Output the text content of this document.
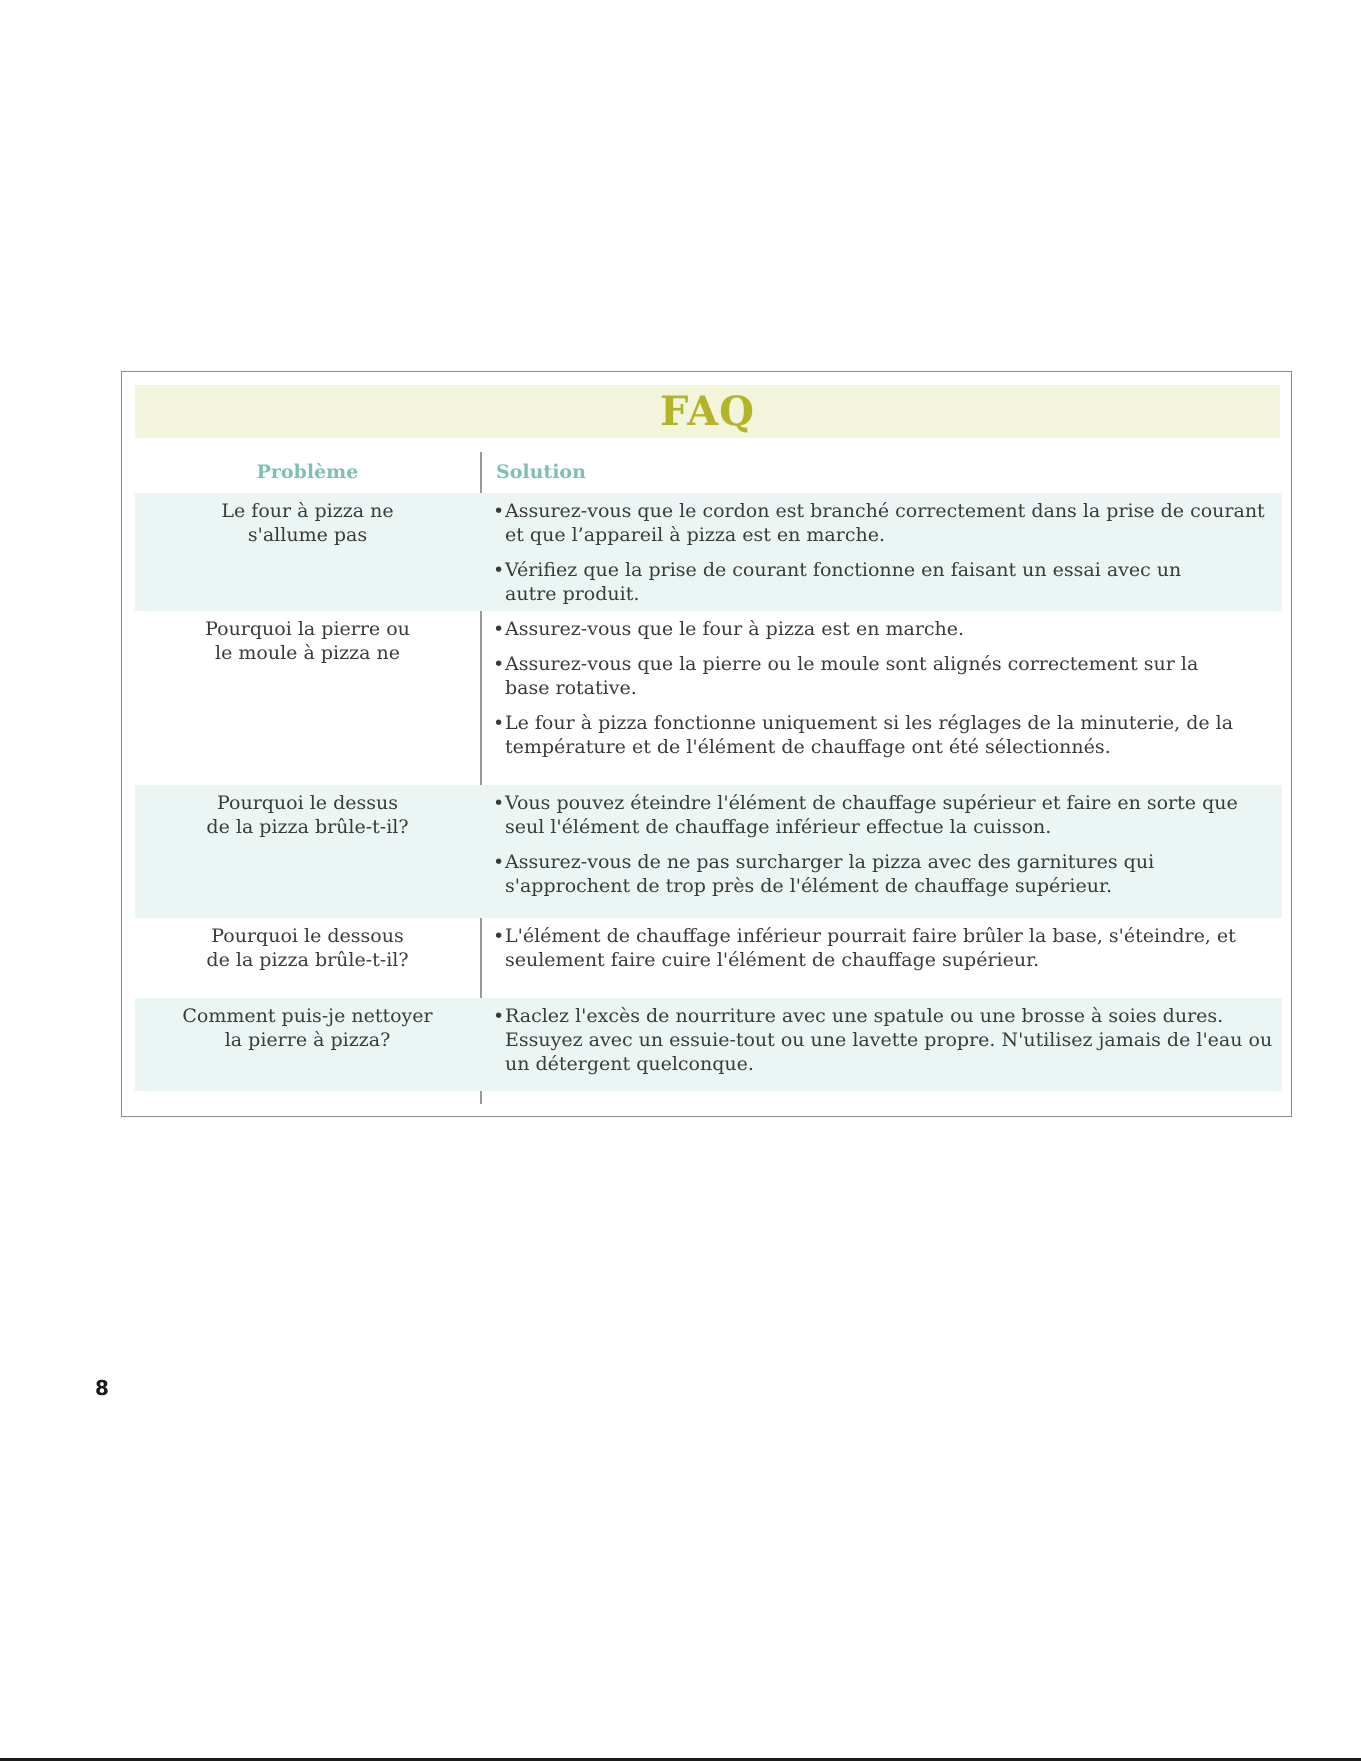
FAQ
Problème	Solution
Le four à pizza ne
s'allume pas
• Assurez-vous que le cordon est branché correctement dans la prise de courant
et que l’appareil à pizza est en marche.
• Vérifiez que la prise de courant fonctionne en faisant un essai avec un
autre produit.
Pourquoi la pierre ou
le moule à pizza ne
• Assurez-vous que le four à pizza est en marche.
• Assurez-vous que la pierre ou le moule sont alignés correctement sur la
base rotative.
• Le four à pizza fonctionne uniquement si les réglages de la minuterie, de la
température et de l'élément de chauffage ont été sélectionnés.
Pourquoi le dessus
de la pizza brûle-t-il?
• Vous pouvez éteindre l'élément de chauffage supérieur et faire en sorte que
seul l'élément de chauffage inférieur effectue la cuisson.
• Assurez-vous de ne pas surcharger la pizza avec des garnitures qui
s'approchent de trop près de l'élément de chauffage supérieur.
Pourquoi le dessous
de la pizza brûle-t-il?
• L'élément de chauffage inférieur pourrait faire brûler la base, s'éteindre, et
seulement faire cuire l'élément de chauffage supérieur.
Comment puis-je nettoyer
la pierre à pizza?
• Raclez l'excès de nourriture avec une spatule ou une brosse à soies dures.
Essuyez avec un essuie-tout ou une lavette propre. N'utilisez jamais de l'eau ou
un détergent quelconque.
8
